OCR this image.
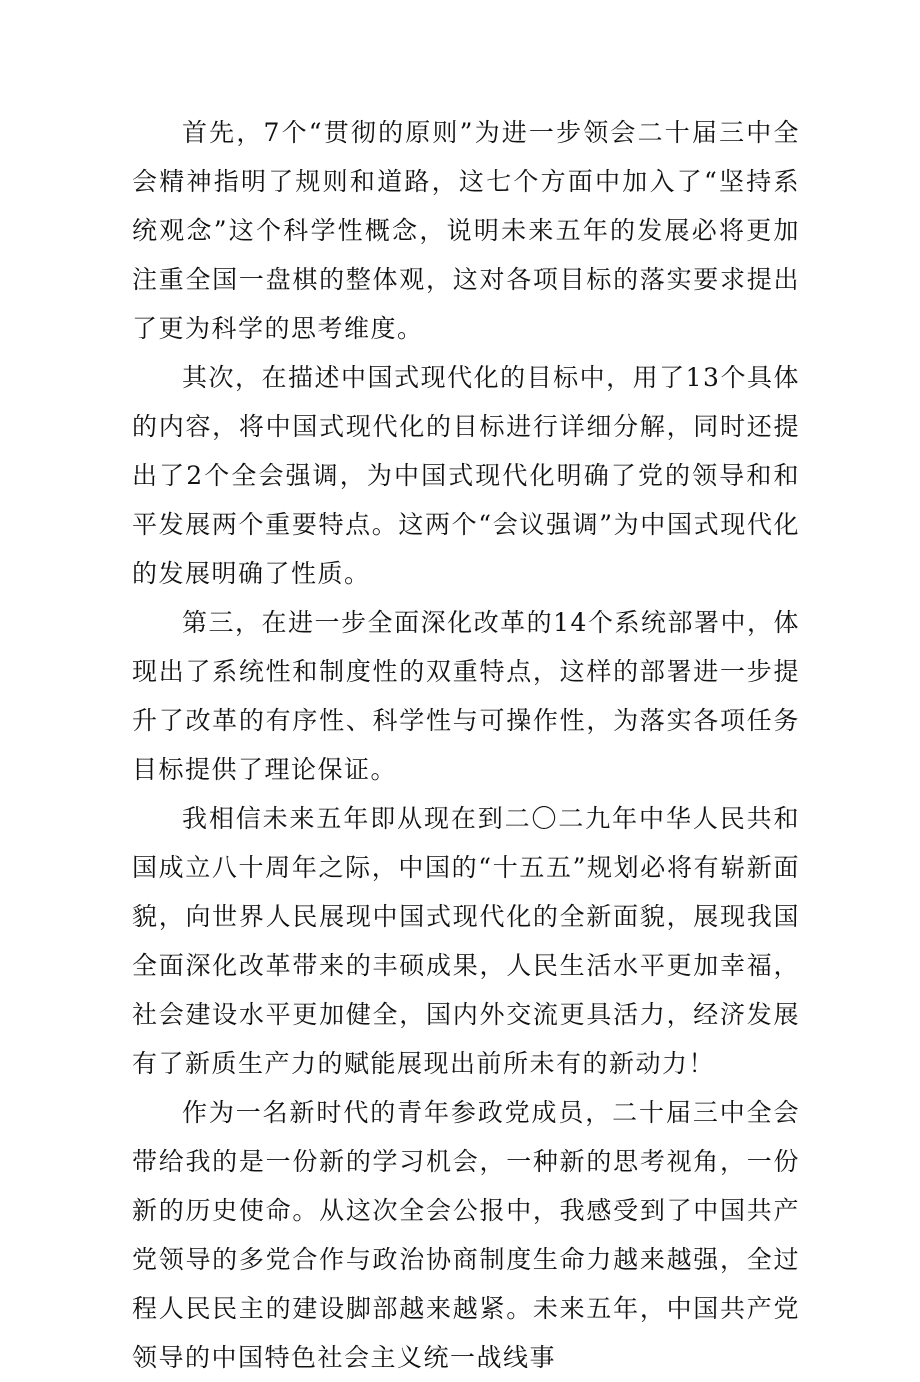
首先，7个“贯彻的原则”为进一步领会二十届三中全会精神指明了规则和道路，这七个方面中加入了“坚持系统观念”这个科学性概念，说明未来五年的发展必将更加注重全国一盘棋的整体观，这对各项目标的落实要求提出了更为科学的思考维度。

其次，在描述中国式现代化的目标中，用了13个具体的内容，将中国式现代化的目标进行详细分解，同时还提出了2个全会强调，为中国式现代化明确了党的领导和和平发展两个重要特点。这两个“会议强调”为中国式现代化的发展明确了性质。

第三，在进一步全面深化改革的14个系统部署中，体现出了系统性和制度性的双重特点，这样的部署进一步提升了改革的有序性、科学性与可操作性，为落实各项任务目标提供了理论保证。

我相信未来五年即从现在到二〇二九年中华人民共和国成立八十周年之际，中国的“十五五”规划必将有崭新面貌，向世界人民展现中国式现代化的全新面貌，展现我国全面深化改革带来的丰硕成果，人民生活水平更加幸福，社会建设水平更加健全，国内外交流更具活力，经济发展有了新质生产力的赋能展现出前所未有的新动力！

作为一名新时代的青年参政党成员，二十届三中全会带给我的是一份新的学习机会，一种新的思考视角，一份新的历史使命。从这次全会公报中，我感受到了中国共产党领导的多党合作与政治协商制度生命力越来越强，全过程人民民主的建设脚部越来越紧。未来五年，中国共产党领导的中国特色社会主义统一战线事
